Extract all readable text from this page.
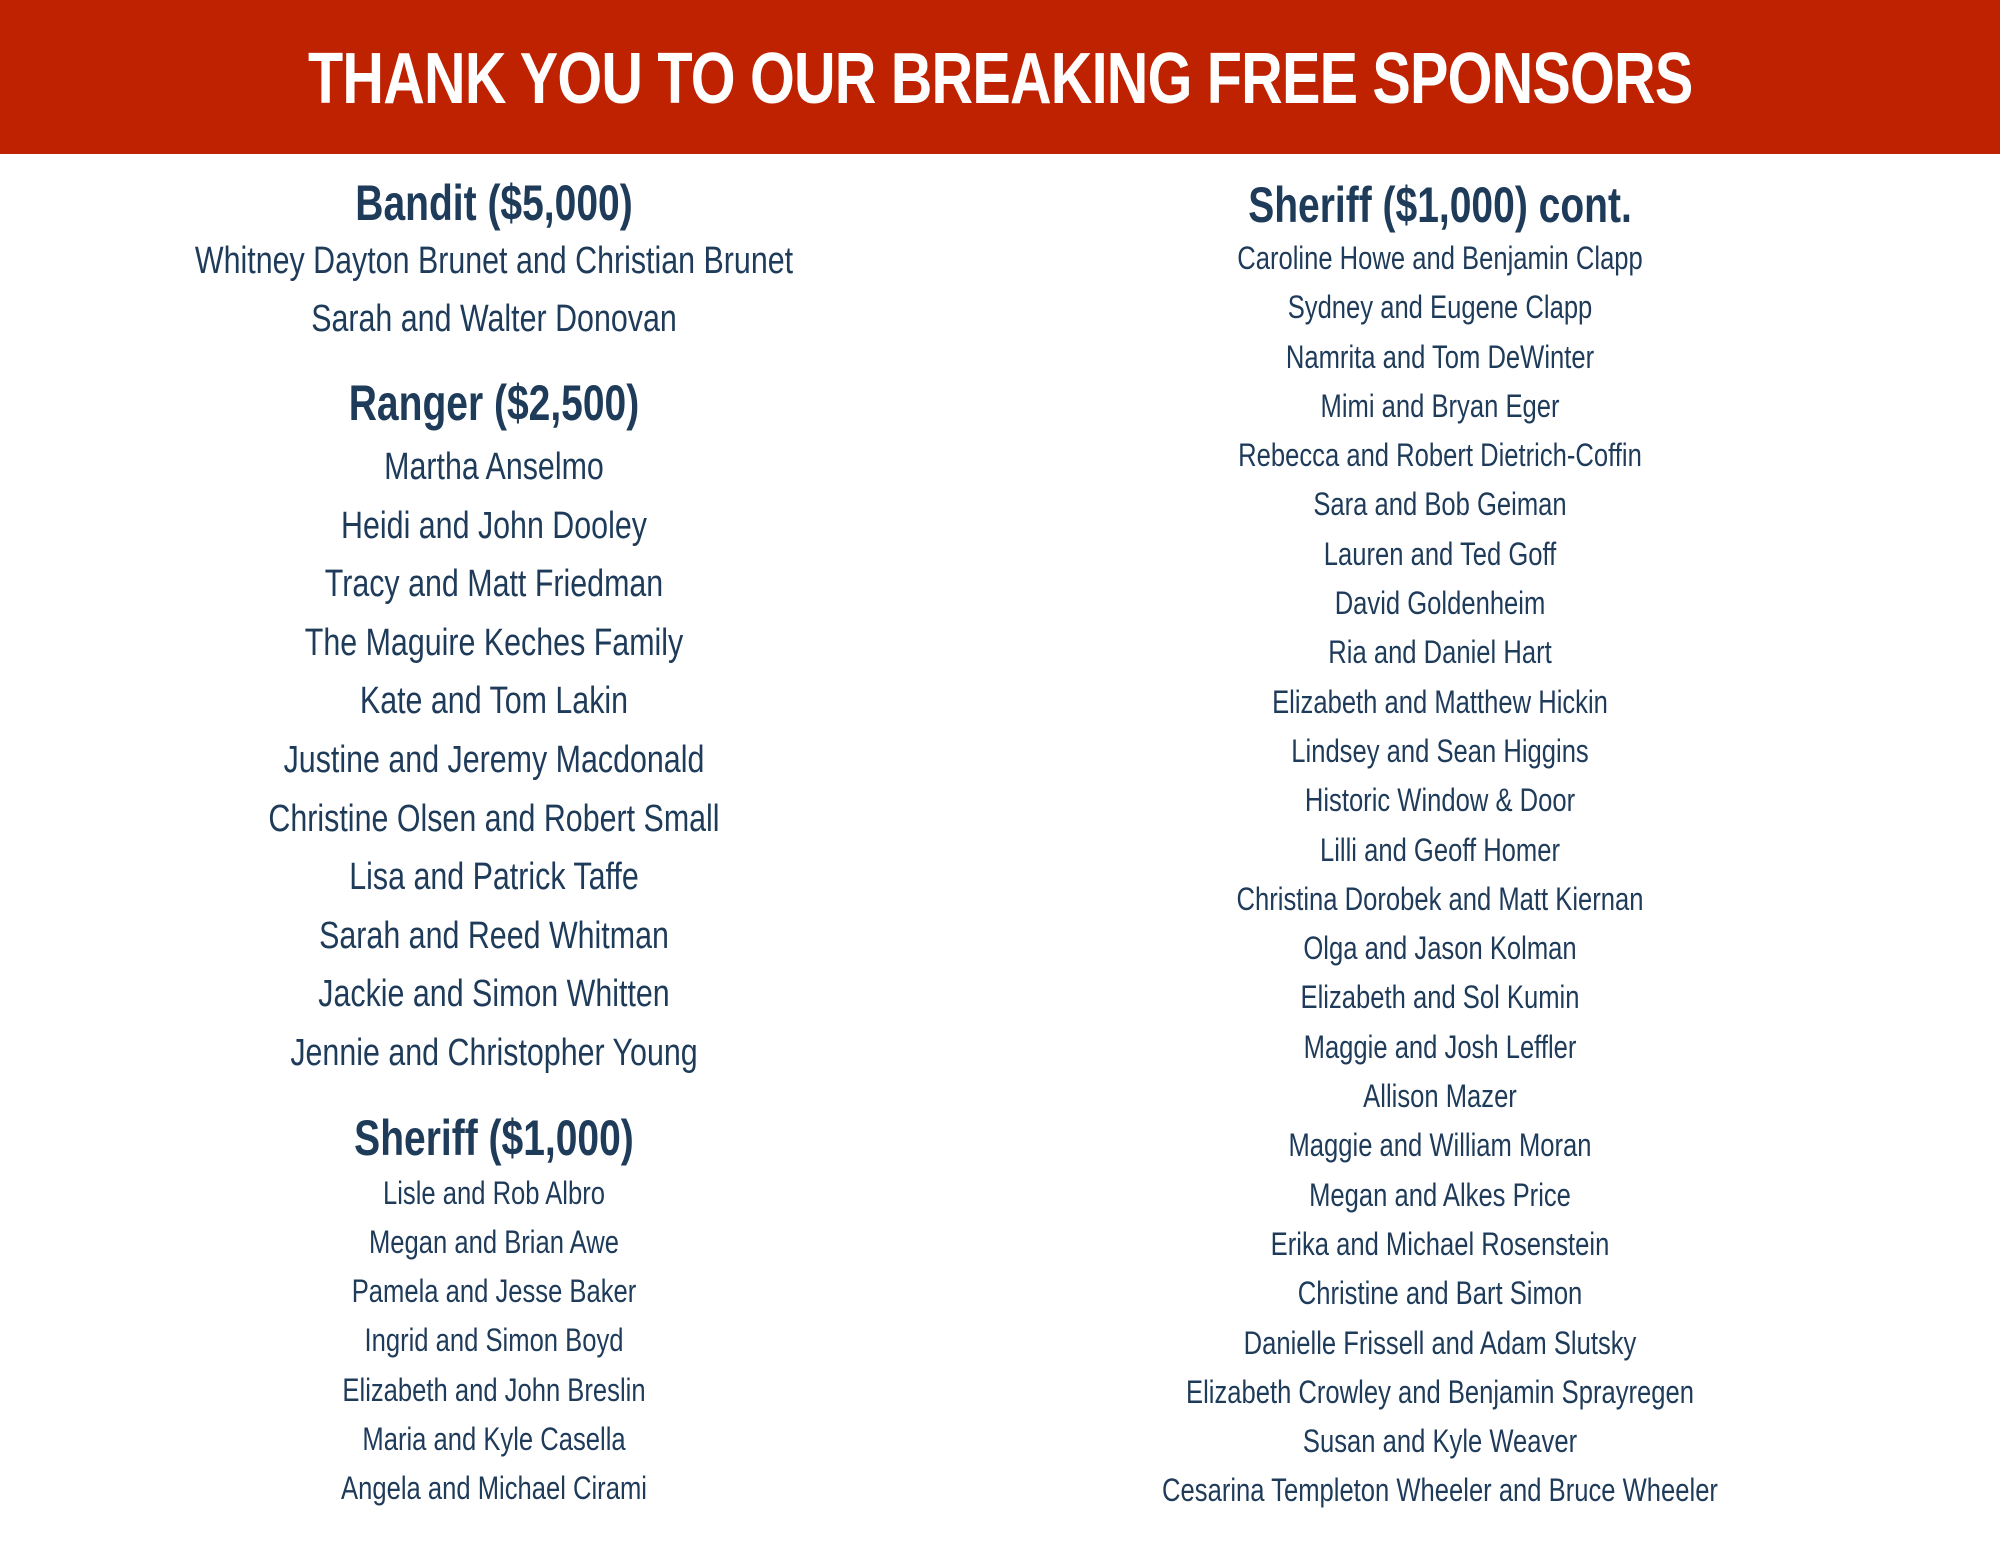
THANK YOU TO OUR BREAKING FREE SPONSORS
Bandit ($5,000)
Whitney Dayton Brunet and Christian Brunet
Sarah and Walter Donovan
Ranger ($2,500)
Martha Anselmo
Heidi and John Dooley
Tracy and Matt Friedman
The Maguire Keches Family
Kate and Tom Lakin
Justine and Jeremy Macdonald
Christine Olsen and Robert Small
Lisa and Patrick Taffe
Sarah and Reed Whitman
Jackie and Simon Whitten
Jennie and Christopher Young
Sheriff ($1,000)
Lisle and Rob Albro
Megan and Brian Awe
Pamela and Jesse Baker
Ingrid and Simon Boyd
Elizabeth and John Breslin
Maria and Kyle Casella
Angela and Michael Cirami
Sheriff ($1,000) cont.
Caroline Howe and Benjamin Clapp
Sydney and Eugene Clapp
Namrita and Tom DeWinter
Mimi and Bryan Eger
Rebecca and Robert Dietrich-Coffin
Sara and Bob Geiman
Lauren and Ted Goff
David Goldenheim
Ria and Daniel Hart
Elizabeth and Matthew Hickin
Lindsey and Sean Higgins
Historic Window & Door
Lilli and Geoff Homer
Christina Dorobek and Matt Kiernan
Olga and Jason Kolman
Elizabeth and Sol Kumin
Maggie and Josh Leffler
Allison Mazer
Maggie and William Moran
Megan and Alkes Price
Erika and Michael Rosenstein
Christine and Bart Simon
Danielle Frissell and Adam Slutsky
Elizabeth Crowley and Benjamin Sprayregen
Susan and Kyle Weaver
Cesarina Templeton Wheeler and Bruce Wheeler
